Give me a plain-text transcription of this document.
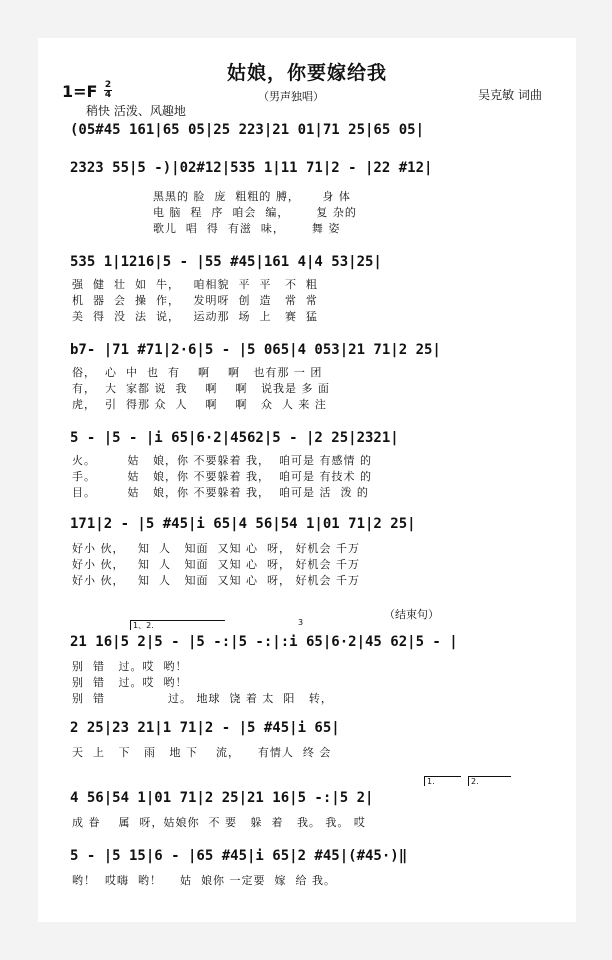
姑娘，你要嫁给我
1=F 2
4	（男声独唱）	吴克敏 词曲
稍快 活泼、风趣地
(05#45 161|65 05|25 223|21 01|71 25|65 05|
2323 55|5 -)|02#12|535 1|11 71|2 - |22 #12|
黑黑的 脸  庞  粗粗的 膊，     身 体
电 脑  程  序  咱会  编，      复 杂的
歌儿  唱  得  有滋  味，      舞 姿
535 1|1216|5 - |55 #45|161 4|4 53|25|
强  健  壮  如  牛，   咱相貌  平  平   不  粗
机  器  会  操  作，   发明呀  创  造   常  常
美  得  没  法  说，   运动那  场  上   赛  猛
b7- |71 #71|2·6|5 - |5 065|4 053|21 71|2 25|
俗，  心  中  也  有    啊    啊   也有那 一 团
有，  大  家都 说  我    啊    啊   说我是 多 面
虎，  引  得那 众  人    啊    啊   众  人 来 注
5 - |5 - |i 65|6·2|4562|5 - |2 25|2321|
火。       姑   娘，你 不要躲着 我，  咱可是 有感情 的
手。       姑   娘，你 不要躲着 我，  咱可是 有技术 的
目。       姑   娘，你 不要躲着 我，  咱可是 活  泼 的
171|2 - |5 #45|i 65|4 56|54 1|01 71|2 25|
好小 伙，   知  人   知面  又知 心  呀， 好机会 千万
好小 伙，   知  人   知面  又知 心  呀， 好机会 千万
好小 伙，   知  人   知面  又知 心  呀， 好机会 千万
（结束句）
1、2.	3
21 16|5 2|5 - |5 -:|5 -:|:i 65|6·2|45 62|5 - |
别  错   过。哎  哟！
别  错   过。哎  哟！
别  错              过。 地球  饶 着 太  阳   转，
2 25|23 21|1 71|2 - |5 #45|i 65|
天  上   下   雨   地 下    流，    有情人  终 会
1.	2.
4 56|54 1|01 71|2 25|21 16|5 -:|5 2|
成 眷    属  呀，姑娘你  不 要   躲  着   我。 我。 哎
5 - |5 15|6 - |65 #45|i 65|2 #45|(#45·)‖
哟！  哎嗨  哟！    姑  娘你 一定要  嫁  给 我。
